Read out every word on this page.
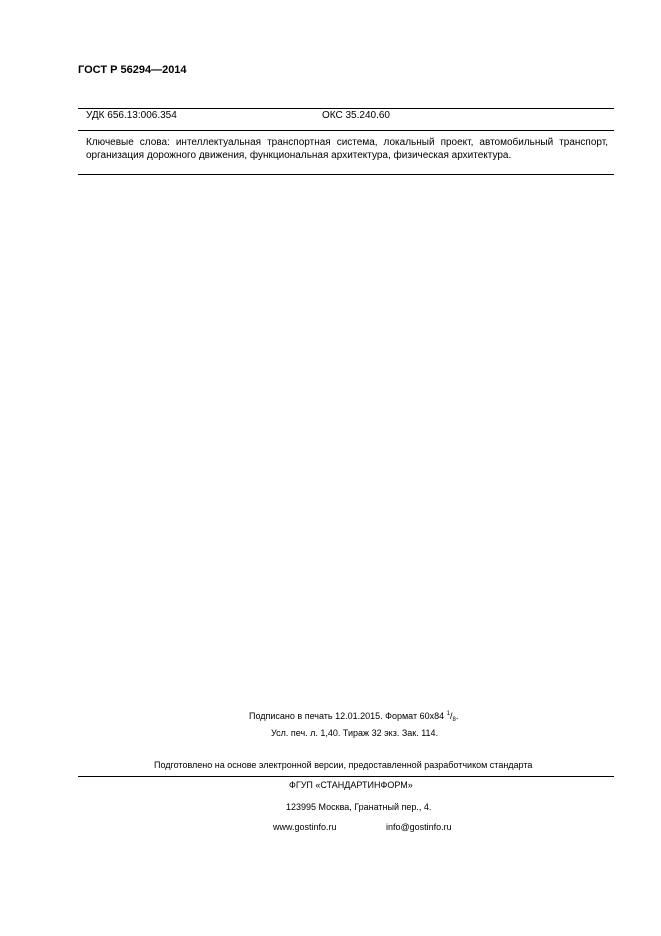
ГОСТ Р 56294—2014
УДК 656.13:006.354	ОКС 35.240.60
Ключевые слова: интеллектуальная транспортная система, локальный проект, автомобильный транспорт, организация дорожного движения, функциональная архитектура, физическая архитектура.
Подписано в печать 12.01.2015. Формат 60x84 $^1/_8$.
Усл. печ. л. 1,40. Тираж 32 экз. Зак. 114.
Подготовлено на основе электронной версии, предоставленной разработчиком стандарта
ФГУП «СТАНДАРТИНФОРМ»
123995 Москва, Гранатный пер., 4.
www.gostinfo.ru	info@gostinfo.ru
